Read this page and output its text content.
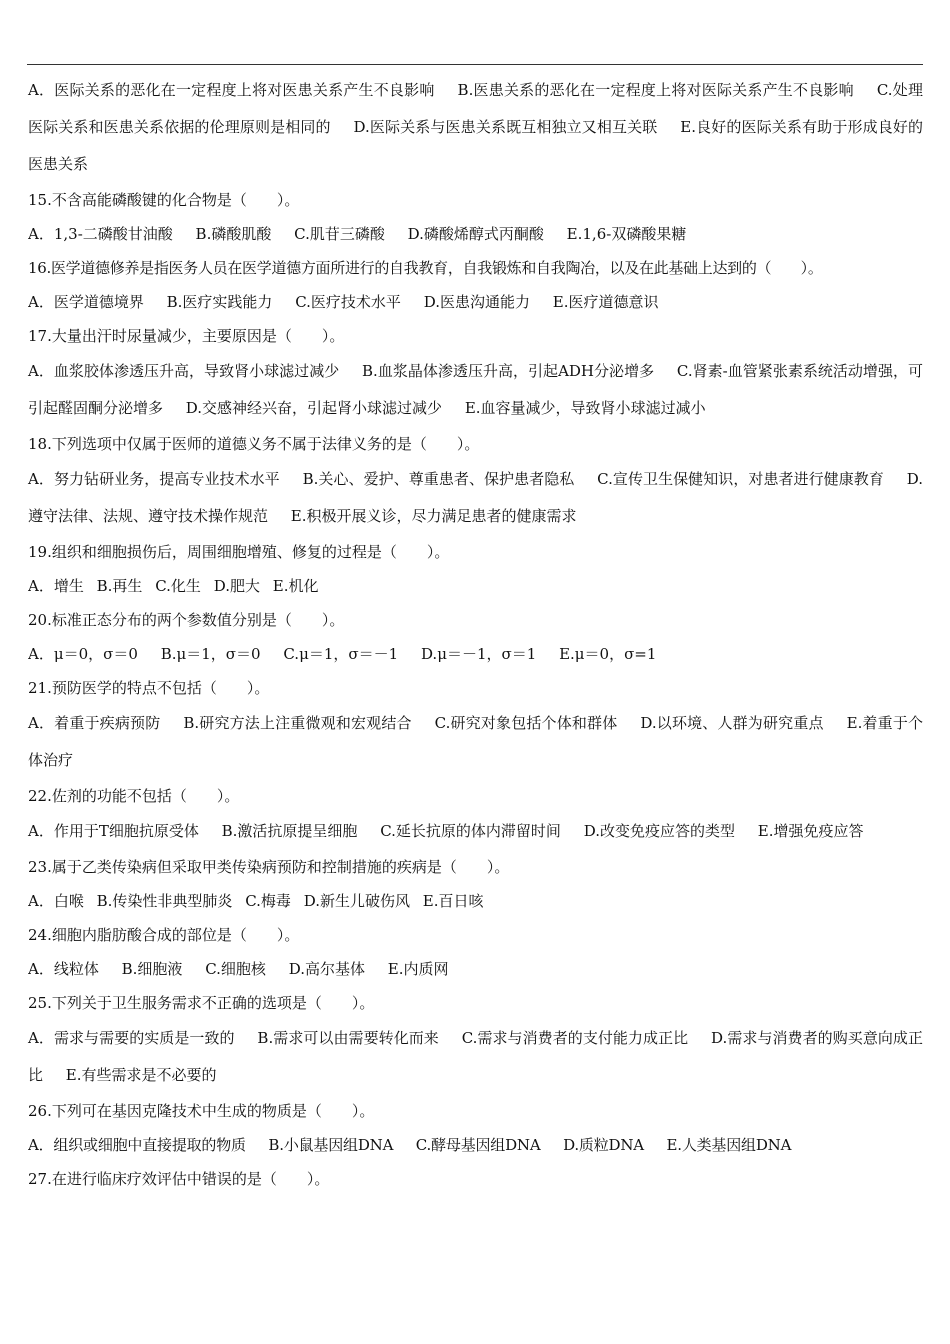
A．医际关系的恶化在一定程度上将对医患关系产生不良影响 B.医患关系的恶化在一定程度上将对医际关系产生不良影响 C.处理医际关系和医患关系依据的伦理原则是相同的 D.医际关系与医患关系既互相独立又相互关联 E.良好的医际关系有助于形成良好的医患关系
15.不含高能磷酸键的化合物是（　　）。
A．1,3-二磷酸甘油酸 B.磷酸肌酸 C.肌苷三磷酸 D.磷酸烯醇式丙酮酸 E.1,6-双磷酸果糖
16.医学道德修养是指医务人员在医学道德方面所进行的自我教育，自我锻炼和自我陶冶，以及在此基础上达到的（　　）。
A．医学道德境界 B.医疗实践能力 C.医疗技术水平 D.医患沟通能力 E.医疗道德意识
17.大量出汗时尿量减少，主要原因是（　　）。
A．血浆胶体渗透压升高，导致肾小球滤过减少 B.血浆晶体渗透压升高，引起ADH分泌增多 C.肾素-血管紧张素系统活动增强，可引起醛固酮分泌增多 D.交感神经兴奋，引起肾小球滤过减少 E.血容量减少，导致肾小球滤过减小
18.下列选项中仅属于医师的道德义务不属于法律义务的是（　　）。
A．努力钻研业务，提高专业技术水平 B.关心、爱护、尊重患者、保护患者隐私 C.宣传卫生保健知识，对患者进行健康教育 D.遵守法律、法规、遵守技术操作规范 E.积极开展义诊，尽力满足患者的健康需求
19.组织和细胞损伤后，周围细胞增殖、修复的过程是（　　）。
A．增生 B.再生 C.化生 D.肥大 E.机化
20.标准正态分布的两个参数值分别是（　　）。
A．μ＝0，σ＝0 B.μ＝1，σ＝0 C.μ＝1，σ＝－1 D.μ＝－1，σ＝1 E.μ＝0，σ=1
21.预防医学的特点不包括（　　）。
A．着重于疾病预防 B.研究方法上注重微观和宏观结合 C.研究对象包括个体和群体 D.以环境、人群为研究重点 E.着重于个体治疗
22.佐剂的功能不包括（　　）。
A．作用于T细胞抗原受体 B.激活抗原提呈细胞 C.延长抗原的体内滞留时间 D.改变免疫应答的类型 E.增强免疫应答
23.属于乙类传染病但采取甲类传染病预防和控制措施的疾病是（　　）。
A．白喉 B.传染性非典型肺炎 C.梅毒 D.新生儿破伤风 E.百日咳
24.细胞内脂肪酸合成的部位是（　　）。
A．线粒体 B.细胞液 C.细胞核 D.高尔基体 E.内质网
25.下列关于卫生服务需求不正确的选项是（　　）。
A．需求与需要的实质是一致的 B.需求可以由需要转化而来 C.需求与消费者的支付能力成正比 D.需求与消费者的购买意向成正比 E.有些需求是不必要的
26.下列可在基因克隆技术中生成的物质是（　　）。
A．组织或细胞中直接提取的物质 B.小鼠基因组DNA C.酵母基因组DNA D.质粒DNA E.人类基因组DNA
27.在进行临床疗效评估中错误的是（　　）。
